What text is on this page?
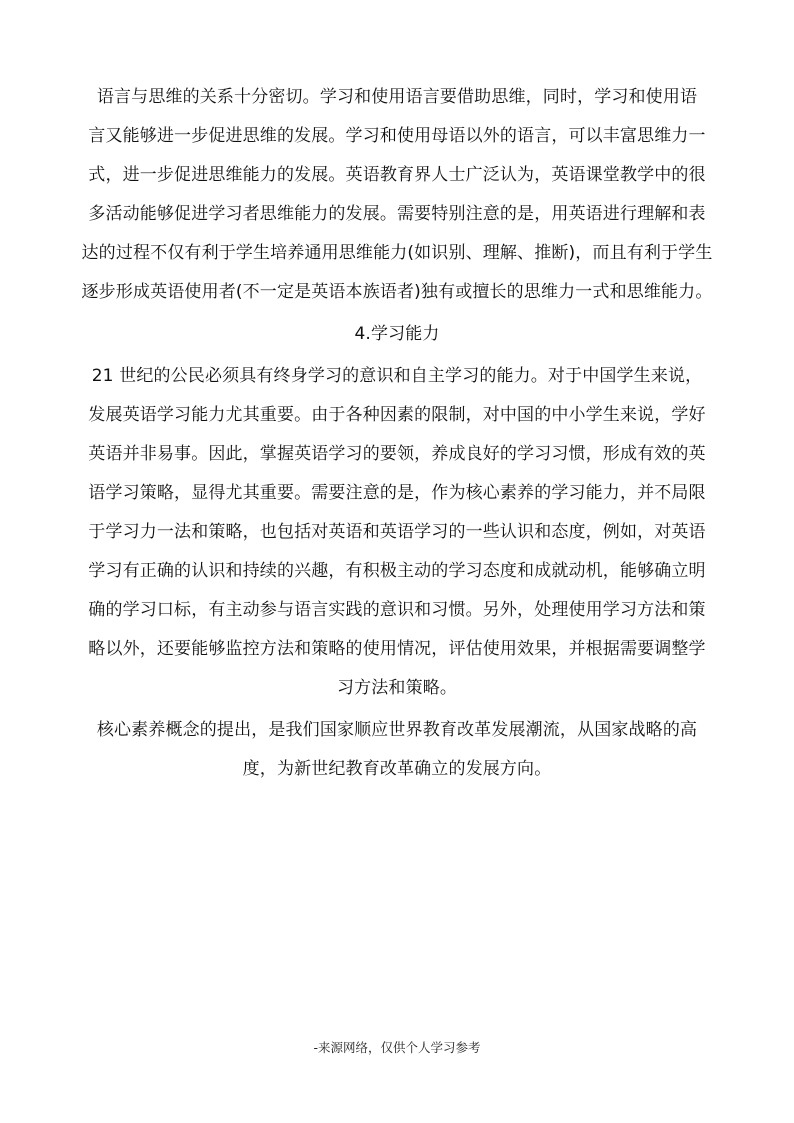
语言与思维的关系十分密切。学习和使用语言要借助思维，同时，学习和使用语
言又能够进一步促进思维的发展。学习和使用母语以外的语言，可以丰富思维力一
式，进一步促进思维能力的发展。英语教育界人士广泛认为，英语课堂教学中的很
多活动能够促进学习者思维能力的发展。需要特别注意的是，用英语进行理解和表
达的过程不仅有利于学生培养通用思维能力(如识别、理解、推断)，而且有利于学生
逐步形成英语使用者(不一定是英语本族语者)独有或擅长的思维力一式和思维能力。
4.学习能力
21 世纪的公民必须具有终身学习的意识和自主学习的能力。对于中国学生来说，
发展英语学习能力尤其重要。由于各种因素的限制，对中国的中小学生来说，学好
英语并非易事。因此，掌握英语学习的要领，养成良好的学习习惯，形成有效的英
语学习策略，显得尤其重要。需要注意的是，作为核心素养的学习能力，并不局限
于学习力一法和策略，也包括对英语和英语学习的一些认识和态度，例如，对英语
学习有正确的认识和持续的兴趣，有积极主动的学习态度和成就动机，能够确立明
确的学习口标，有主动参与语言实践的意识和习惯。另外，处理使用学习方法和策
略以外，还要能够监控方法和策略的使用情况，评估使用效果，并根据需要调整学
习方法和策略。
核心素养概念的提出，是我们国家顺应世界教育改革发展潮流，从国家战略的高
度，为新世纪教育改革确立的发展方向。
-来源网络，仅供个人学习参考
